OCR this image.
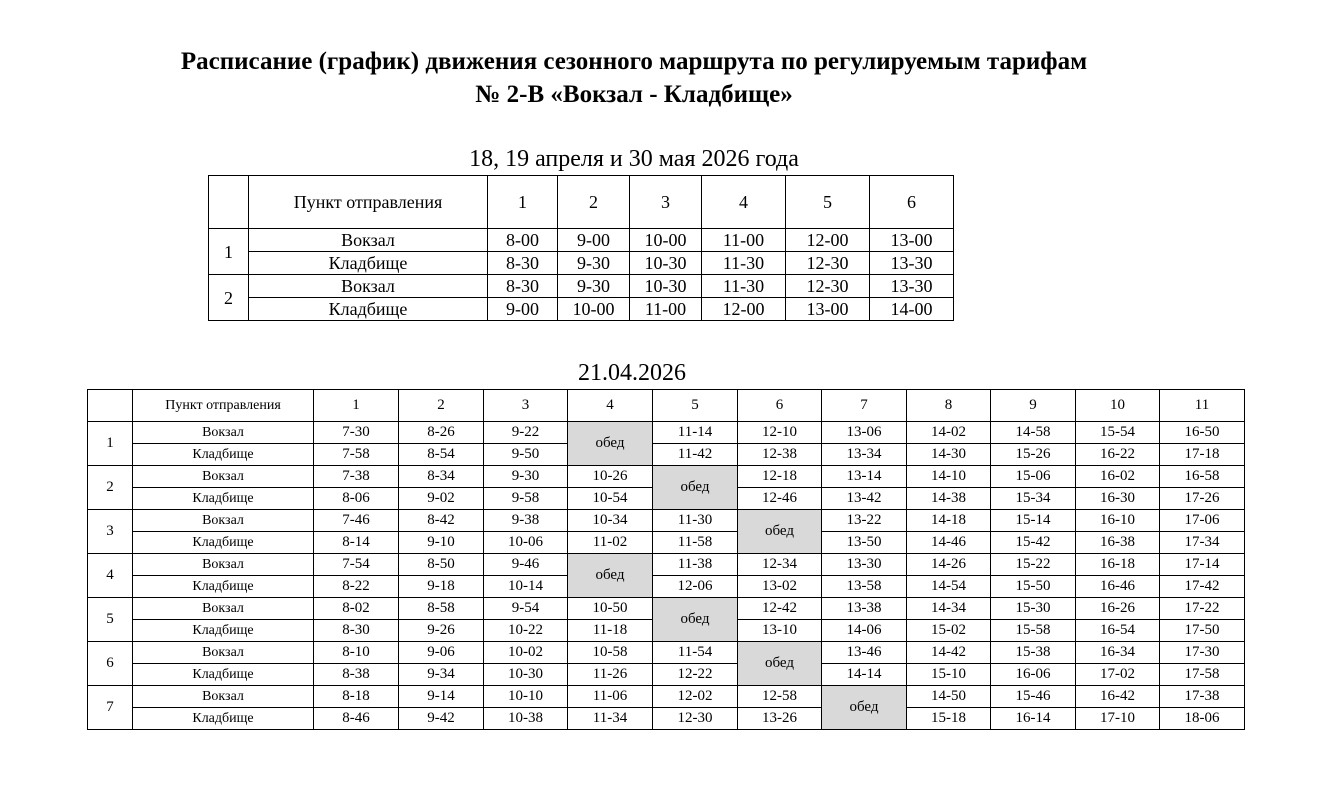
Расписание (график) движения сезонного маршрута по регулируемым тарифам
№ 2-В «Вокзал - Кладбище»
18, 19 апреля и 30 мая 2026 года
	Пункт отправления	1	2	3	4	5	6
1	Вокзал	8-00	9-00	10-00	11-00	12-00	13-00
	Кладбище	8-30	9-30	10-30	11-30	12-30	13-30
2	Вокзал	8-30	9-30	10-30	11-30	12-30	13-30
	Кладбище	9-00	10-00	11-00	12-00	13-00	14-00
21.04.2026
	Пункт отправления	1	2	3	4	5	6	7	8	9	10	11
1	Вокзал	7-30	8-26	9-22	обед	11-14	12-10	13-06	14-02	14-58	15-54	16-50
	Кладбище	7-58	8-54	9-50		11-42	12-38	13-34	14-30	15-26	16-22	17-18
2	Вокзал	7-38	8-34	9-30	10-26	обед	12-18	13-14	14-10	15-06	16-02	16-58
	Кладбище	8-06	9-02	9-58	10-54		12-46	13-42	14-38	15-34	16-30	17-26
3	Вокзал	7-46	8-42	9-38	10-34	11-30	обед	13-22	14-18	15-14	16-10	17-06
	Кладбище	8-14	9-10	10-06	11-02	11-58		13-50	14-46	15-42	16-38	17-34
4	Вокзал	7-54	8-50	9-46	обед	11-38	12-34	13-30	14-26	15-22	16-18	17-14
	Кладбище	8-22	9-18	10-14		12-06	13-02	13-58	14-54	15-50	16-46	17-42
5	Вокзал	8-02	8-58	9-54	10-50	обед	12-42	13-38	14-34	15-30	16-26	17-22
	Кладбище	8-30	9-26	10-22	11-18		13-10	14-06	15-02	15-58	16-54	17-50
6	Вокзал	8-10	9-06	10-02	10-58	11-54	обед	13-46	14-42	15-38	16-34	17-30
	Кладбище	8-38	9-34	10-30	11-26	12-22		14-14	15-10	16-06	17-02	17-58
7	Вокзал	8-18	9-14	10-10	11-06	12-02	12-58	обед	14-50	15-46	16-42	17-38
	Кладбище	8-46	9-42	10-38	11-34	12-30	13-26		15-18	16-14	17-10	18-06
